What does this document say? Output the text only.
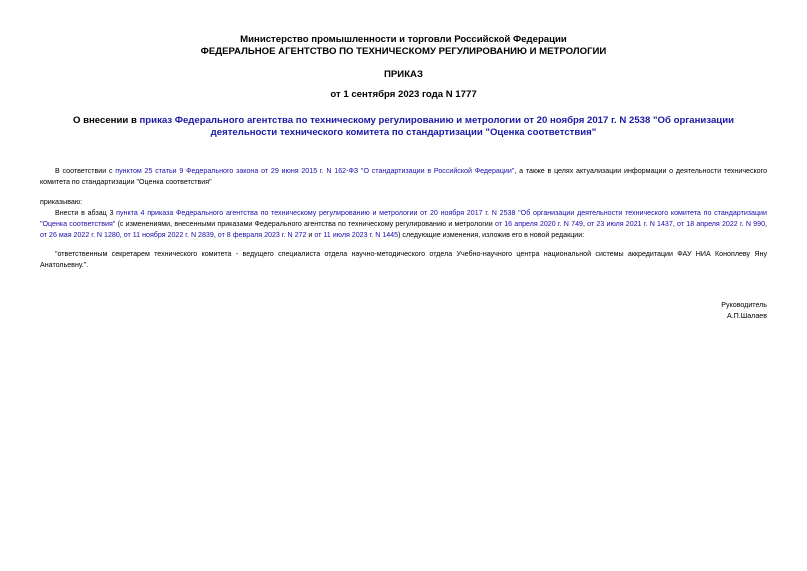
Министерство промышленности и торговли Российской Федерации
ФЕДЕРАЛЬНОЕ АГЕНТСТВО ПО ТЕХНИЧЕСКОМУ РЕГУЛИРОВАНИЮ И МЕТРОЛОГИИ
ПРИКАЗ
от 1 сентября 2023 года N 1777
О внесении в приказ Федерального агентства по техническому регулированию и метрологии от 20 ноября 2017 г. N 2538 "Об организации деятельности технического комитета по стандартизации "Оценка соответствия"
В соответствии с пунктом 25 статьи 9 Федерального закона от 29 июня 2015 г. N 162-ФЗ "О стандартизации в Российской Федерации", а также в целях актуализации информации о деятельности технического комитета по стандартизации "Оценка соответствия"
приказываю:
Внести в абзац 3 пункта 4 приказа Федерального агентства по техническому регулированию и метрологии от 20 ноября 2017 г. N 2538 "Об организации деятельности технического комитета по стандартизации "Оценка соответствия" (с изменениями, внесенными приказами Федерального агентства по техническому регулированию и метрологии от 16 апреля 2020 г. N 749, от 23 июля 2021 г. N 1437, от 18 апреля 2022 г. N 990, от 26 мая 2022 г. N 1280, от 11 ноября 2022 г. N 2839, от 8 февраля 2023 г. N 272 и от 11 июля 2023 г. N 1445) следующие изменения, изложив его в новой редакции:
"ответственным секретарем технического комитета - ведущего специалиста отдела научно-методического отдела Учебно-научного центра национальной системы аккредитации ФАУ НИА Коноплеву Яну Анатольевну.".
Руководитель
А.П.Шалаев
